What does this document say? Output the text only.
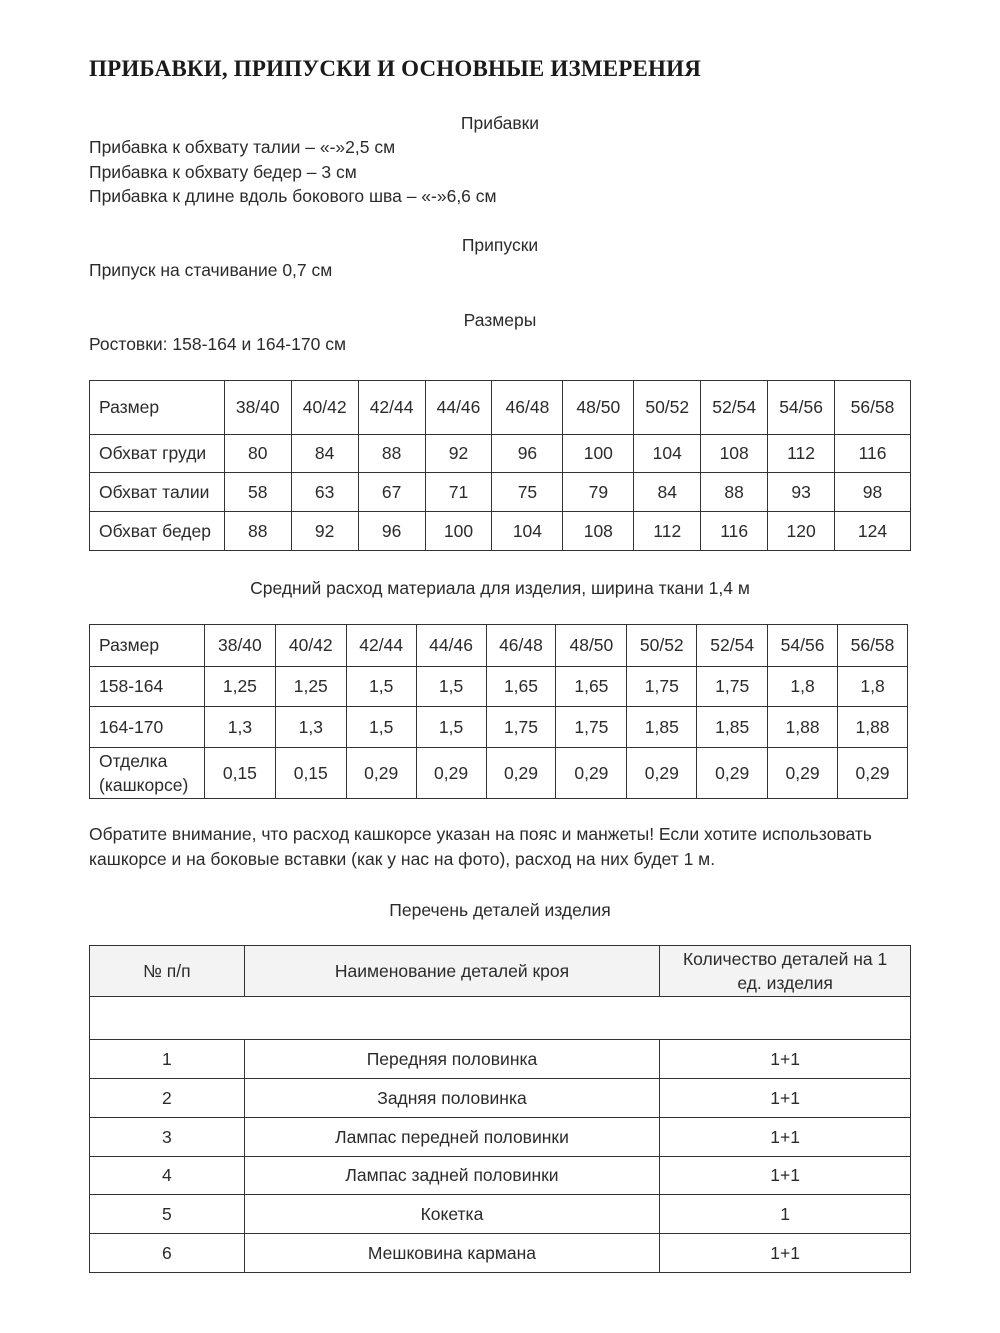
ПРИБАВКИ, ПРИПУСКИ И ОСНОВНЫЕ ИЗМЕРЕНИЯ
Прибавки
Прибавка к обхвату талии – «-»2,5 см
Прибавка к обхвату бедер – 3 см
Прибавка к длине вдоль бокового шва – «-»6,6 см
Припуски
Припуск на стачивание 0,7 см
Размеры
Ростовки: 158-164 и 164-170 см
Размер	38/40	40/42	42/44	44/46	46/48	48/50	50/52	52/54	54/56	56/58
Обхват груди	80	84	88	92	96	100	104	108	112	116
Обхват талии	58	63	67	71	75	79	84	88	93	98
Обхват бедер	88	92	96	100	104	108	112	116	120	124
Средний расход материала для изделия, ширина ткани 1,4 м
Размер	38/40	40/42	42/44	44/46	46/48	48/50	50/52	52/54	54/56	56/58
158-164	1,25	1,25	1,5	1,5	1,65	1,65	1,75	1,75	1,8	1,8
164-170	1,3	1,3	1,5	1,5	1,75	1,75	1,85	1,85	1,88	1,88
Отделка (кашкорсе)	0,15	0,15	0,29	0,29	0,29	0,29	0,29	0,29	0,29	0,29
Обратите внимание, что расход кашкорсе указан на пояс и манжеты! Если хотите использовать кашкорсе и на боковые вставки (как у нас на фото), расход на них будет 1 м.
Перечень деталей изделия
№ п/п	Наименование деталей кроя	Количество деталей на 1 ед. изделия

1	Передняя половинка	1+1
2	Задняя половинка	1+1
3	Лампас передней половинки	1+1
4	Лампас задней половинки	1+1
5	Кокетка	1
6	Мешковина кармана	1+1
